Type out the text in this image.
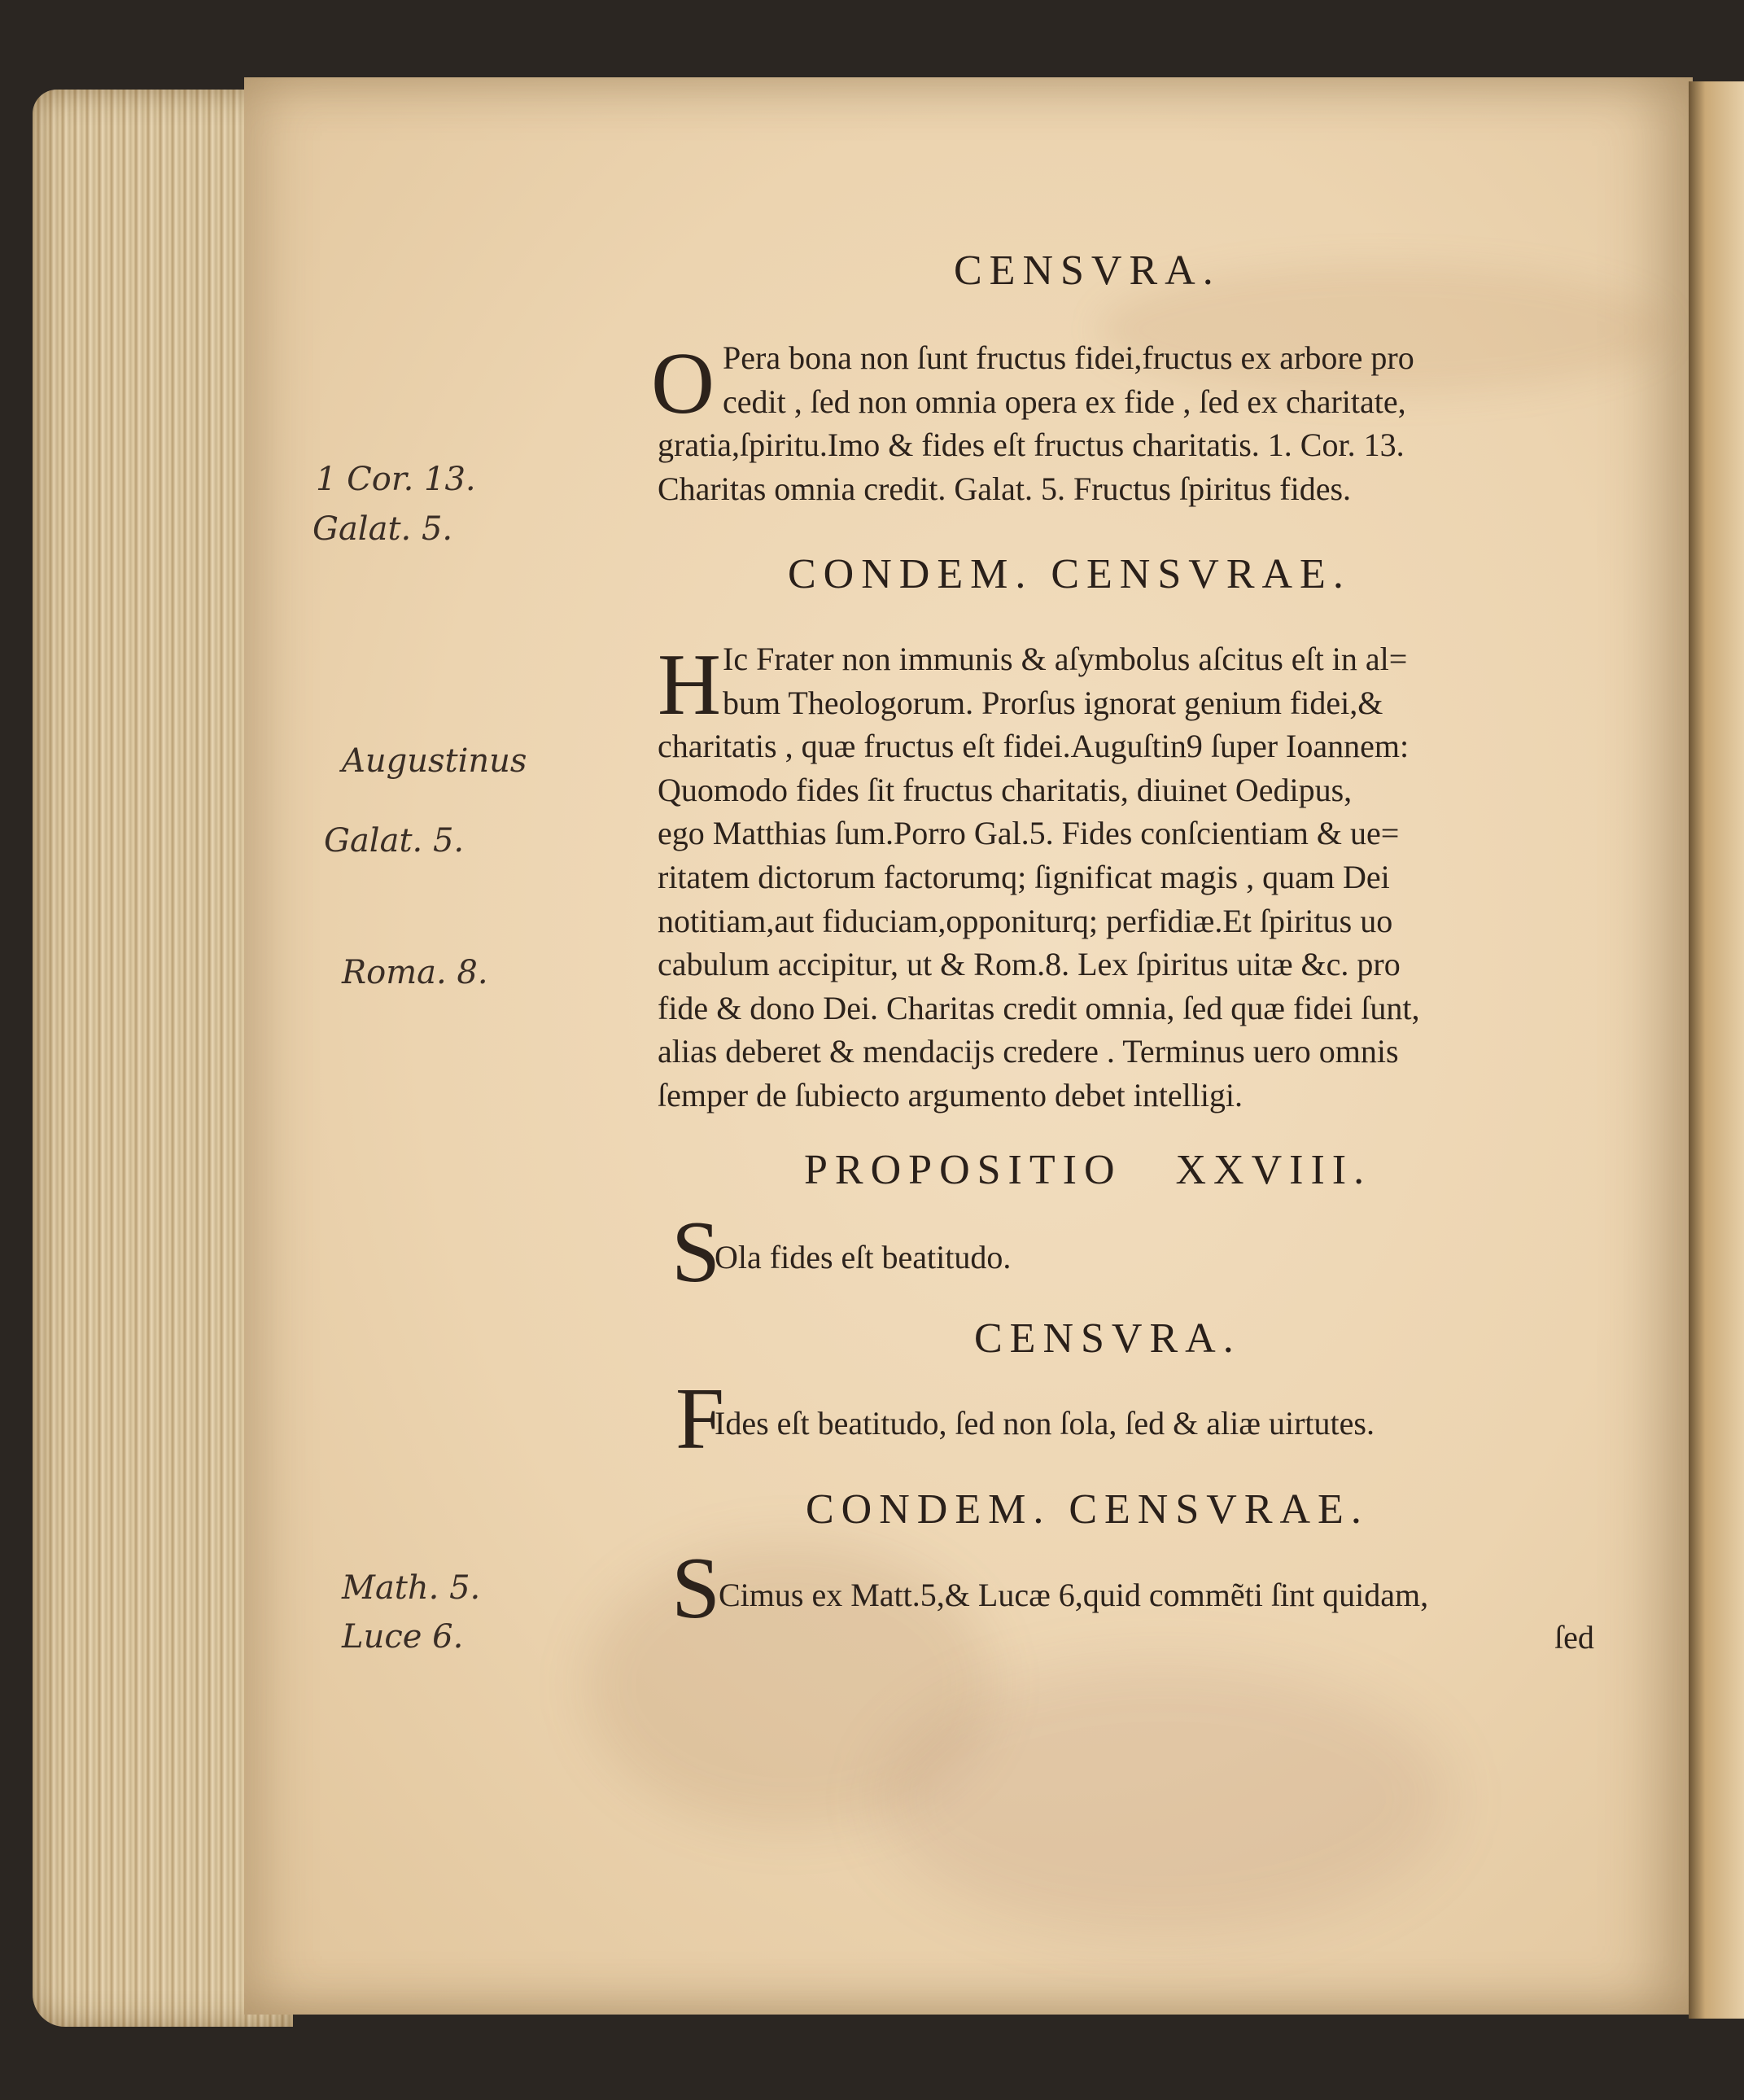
CENSVRA.
O Pera bona non ſunt fructus fidei,fructus ex arbore pro
cedit , ſed non omnia opera ex fide , ſed ex charitate,
gratia,ſpiritu.Imo & fides eſt fructus charitatis. 1. Cor. 13.
Charitas omnia credit. Galat. 5. Fructus ſpiritus fides.
CONDEM. CENSVRAE.
H Ic Frater non immunis & aſymbolus aſcitus eſt in al=
bum Theologorum. Prorſus ignorat genium fidei,&
charitatis , quæ fructus eſt fidei.Auguſtin9 ſuper Ioannem:
Quomodo fides ſit fructus charitatis, diuinet Oedipus,
ego Matthias ſum.Porro Gal.5. Fides conſcientiam & ue=
ritatem dictorum factorumq; ſignificat magis , quam Dei
notitiam,aut fiduciam,opponiturq; perfidiæ.Et ſpiritus uo
cabulum accipitur, ut & Rom.8. Lex ſpiritus uitæ &c. pro
fide & dono Dei. Charitas credit omnia, ſed quæ fidei ſunt,
alias deberet & mendacijs credere . Terminus uero omnis
ſemper de ſubiecto argumento debet intelligi.
PROPOSITIO   XXVIII.
S
Ola fides eſt beatitudo.
CENSVRA.
F
Ides eſt beatitudo, ſed non ſola, ſed & aliæ uirtutes.
CONDEM. CENSVRAE.
S
Cimus ex Matt.5,& Lucæ 6,quid commẽti ſint quidam,
ſed
1 Cor. 13.
Galat. 5.
Augustinus
Galat. 5.
Roma. 8.
Math. 5.
Luce 6.
